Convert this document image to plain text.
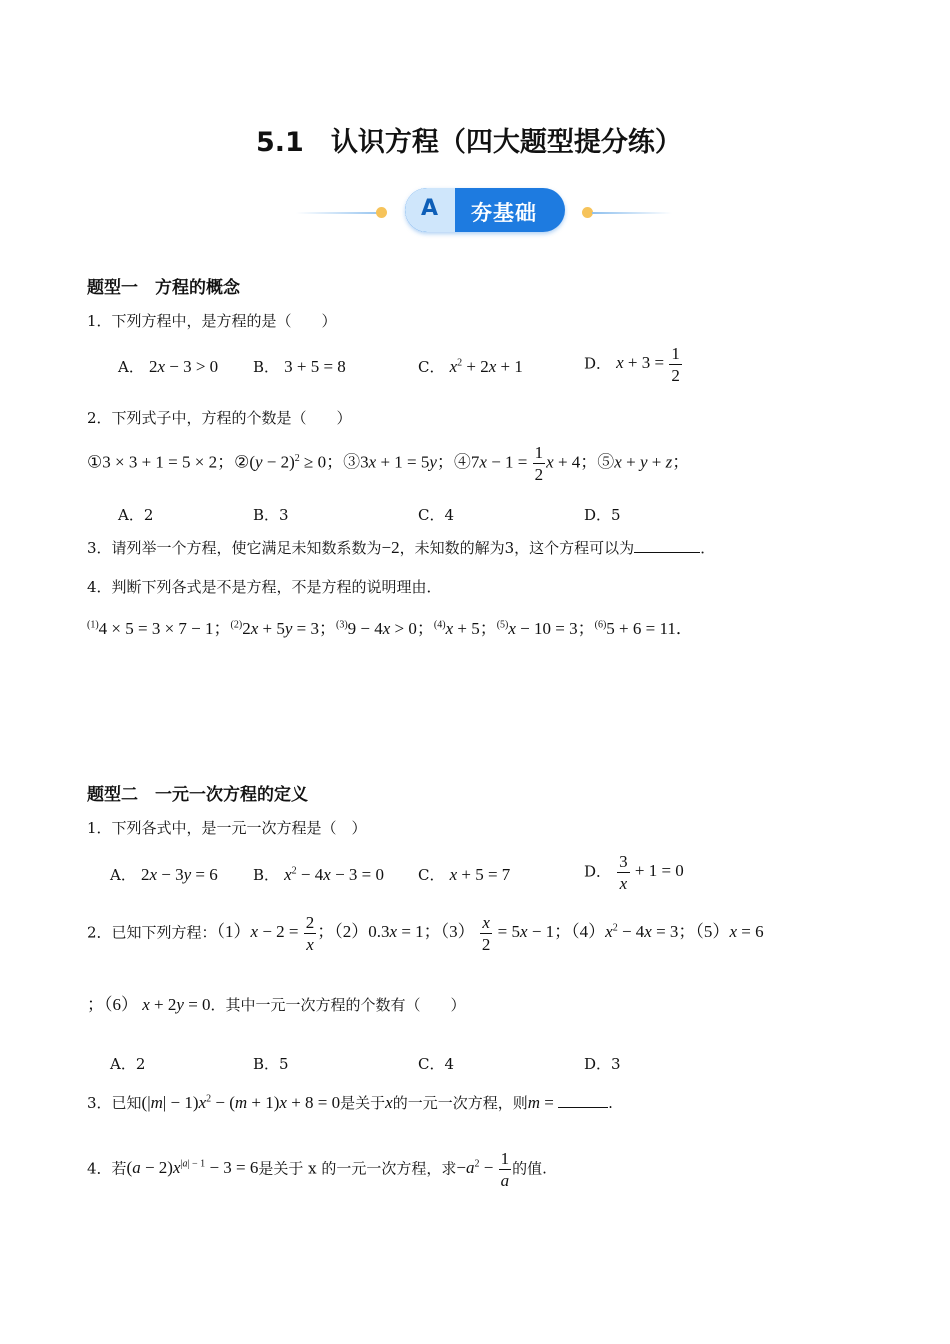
5.1　认识方程（四大题型提分练）
A 夯基础
题型一　方程的概念
1．下列方程中，是方程的是（　　）
A． 2x − 3 > 0 B． 3 + 5 = 8	C． $x^2 + 2x + 1$	D． $x + 3 = \frac{1}{2}$
2．下列式子中，方程的个数是（　　）
①3 × 3 + 1 = 5 × 2；②(y − 2)$^2$ ≥ 0；③3x + 1 = 5y；④7x − $1 = \frac{1}{2}$ x + 4；⑤x + y + z；
A．2	B．3	C．4	D．5
3．请列举一个方程，使它满足未知数系数为−2，未知数的解为3，这个方程可以为	．
4．判断下列各式是不是方程，不是方程的说明理由．
$^{(1)}$4 × 5 = 3 × 7 − 1；$^{(2)}$2x + 5y = 3；$^{(3)}$9 − 4x > 0；$^{(4)}$x + 5；$^{(5)}$x − 10 = 3；$^{(6)}$5 + 6 = 11．
题型二　一元一次方程的定义
1．下列各式中，是一元一次方程是（　）
A． 2x − 3y = 6 B． $x^2 - 4x - 3 = 0$ C． x + 5 = 7	D． $\frac{3}{x} + 1 = 0$
2．已知下列方程：$(1)x - 2 = \frac{2}{x}$ ；（2）0.3x = 1；$(3) \frac{x}{2} = 5x - 1$；$(4)x^2 - 4x = 3$；（5）x = 6
；（6） x + 2y = 0．其中一元一次方程的个数有（　　）
A．2	B．5	C．4	D．3
3．已知$(|m| - 1)x^2 - (m + 1)x + 8 = 0$是关于x的一元一次方程，则m =	.
4．若$(a - 2)x^{|a| - 1} - 3 = 6$是关于 x 的一元一次方程，求$-a^2 - \frac{1}{a}$ 的值.
